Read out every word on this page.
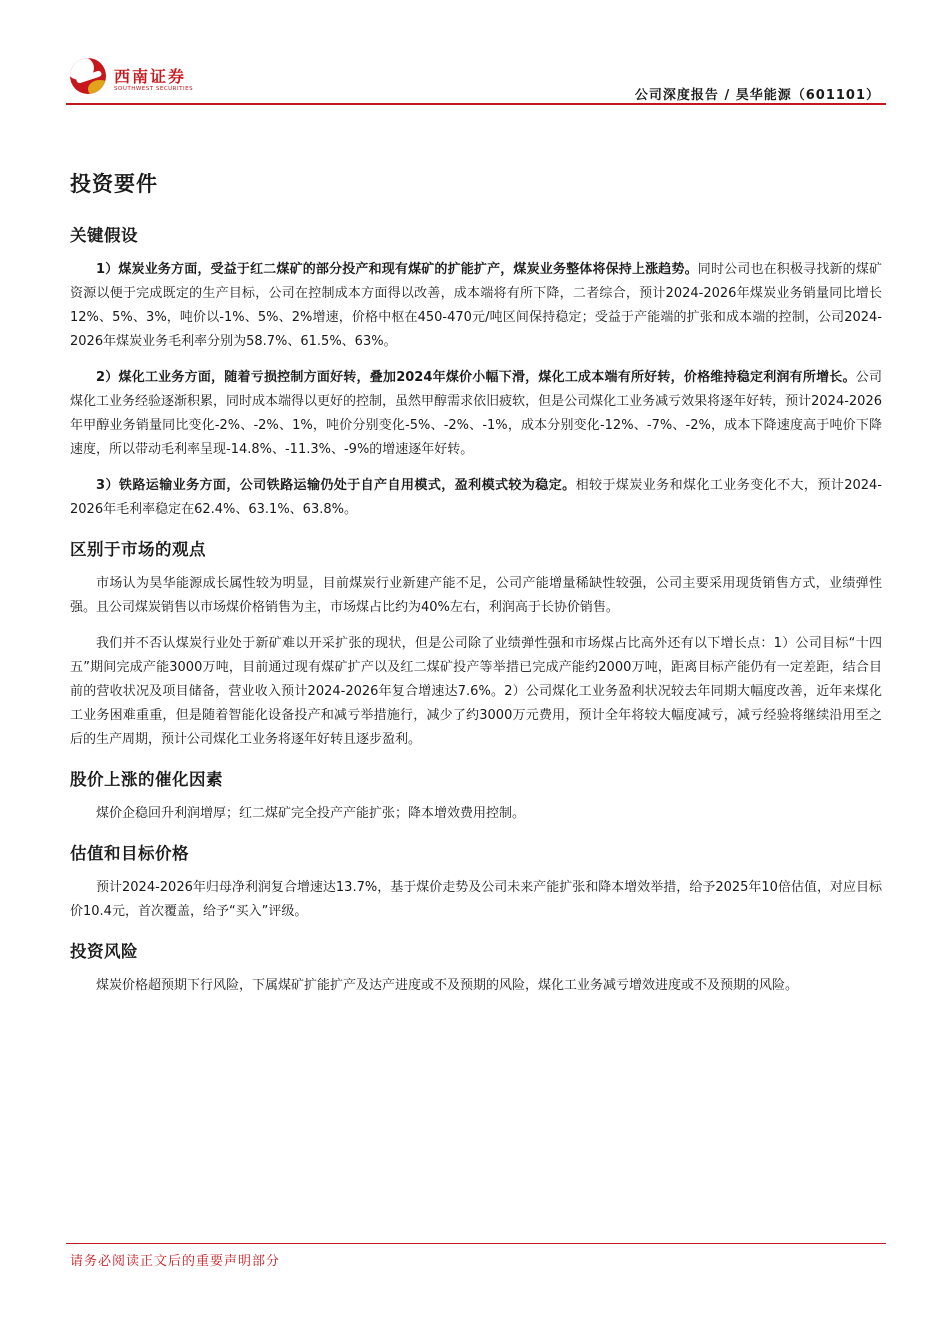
西南证券
SOUTHWEST SECURITIES	公司深度报告 / 昊华能源（601101）
投资要件
关键假设

1）煤炭业务方面，受益于红二煤矿的部分投产和现有煤矿的扩能扩产，煤炭业务整体将保持上涨趋势。同时公司也在积极寻找新的煤矿资源以便于完成既定的生产目标，公司在控制成本方面得以改善，成本端将有所下降，二者综合，预计2024-2026年煤炭业务销量同比增长12%、5%、3%，吨价以-1%、5%、2%增速，价格中枢在450-470元/吨区间保持稳定；受益于产能端的扩张和成本端的控制，公司2024-2026年煤炭业务毛利率分别为58.7%、61.5%、63%。

2）煤化工业务方面，随着亏损控制方面好转，叠加2024年煤价小幅下滑，煤化工成本端有所好转，价格维持稳定利润有所增长。公司煤化工业务经验逐渐积累，同时成本端得以更好的控制，虽然甲醇需求依旧疲软，但是公司煤化工业务减亏效果将逐年好转，预计2024-2026年甲醇业务销量同比变化-2%、-2%、1%，吨价分别变化-5%、-2%、-1%，成本分别变化-12%、-7%、-2%，成本下降速度高于吨价下降速度，所以带动毛利率呈现-14.8%、-11.3%、-9%的增速逐年好转。

3）铁路运输业务方面，公司铁路运输仍处于自产自用模式，盈利模式较为稳定。相较于煤炭业务和煤化工业务变化不大，预计2024-2026年毛利率稳定在62.4%、63.1%、63.8%。

区别于市场的观点

市场认为昊华能源成长属性较为明显，目前煤炭行业新建产能不足，公司产能增量稀缺性较强，公司主要采用现货销售方式，业绩弹性强。且公司煤炭销售以市场煤价格销售为主，市场煤占比约为40%左右，利润高于长协价销售。

我们并不否认煤炭行业处于新矿难以开采扩张的现状，但是公司除了业绩弹性强和市场煤占比高外还有以下增长点：1）公司目标“十四五”期间完成产能3000万吨，目前通过现有煤矿扩产以及红二煤矿投产等举措已完成产能约2000万吨，距离目标产能仍有一定差距，结合目前的营收状况及项目储备，营业收入预计2024-2026年复合增速达7.6%。2）公司煤化工业务盈利状况较去年同期大幅度改善，近年来煤化工业务困难重重，但是随着智能化设备投产和减亏举措施行，减少了约3000万元费用，预计全年将较大幅度减亏，减亏经验将继续沿用至之后的生产周期，预计公司煤化工业务将逐年好转且逐步盈利。

股价上涨的催化因素

煤价企稳回升利润增厚；红二煤矿完全投产产能扩张；降本增效费用控制。

估值和目标价格

预计2024-2026年归母净利润复合增速达13.7%，基于煤价走势及公司未来产能扩张和降本增效举措，给予2025年10倍估值，对应目标价10.4元，首次覆盖，给予“买入”评级。

投资风险

煤炭价格超预期下行风险，下属煤矿扩能扩产及达产进度或不及预期的风险，煤化工业务减亏增效进度或不及预期的风险。

请务必阅读正文后的重要声明部分
